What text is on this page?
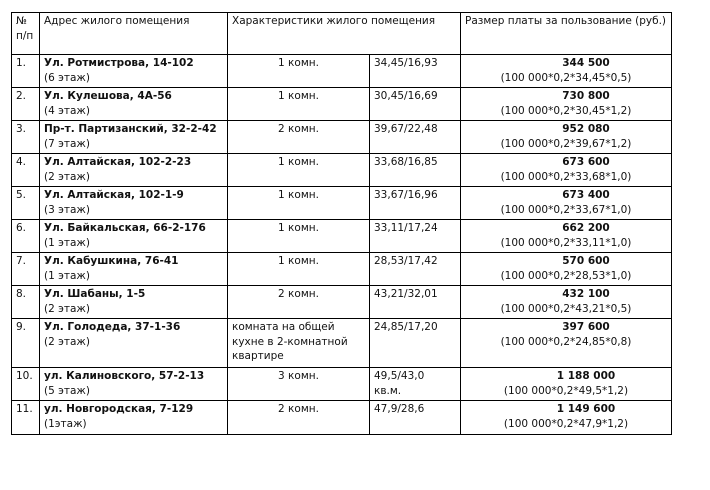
№ п/п	Адрес жилого помещения	Характеристики жилого помещения		Размер платы за пользование (руб.)
1.	Ул. Ротмистрова, 14-102
(6 этаж)	1 комн.	34,45/16,93	344 500
(100 000*0,2*34,45*0,5)

2.	Ул. Кулешова, 4А-56
(4 этаж)	1 комн.	30,45/16,69	730 800
(100 000*0,2*30,45*1,2)

3.	Пр-т. Партизанский, 32-2-42
(7 этаж)	2 комн.	39,67/22,48	952 080
(100 000*0,2*39,67*1,2)

4.	Ул. Алтайская, 102-2-23
(2 этаж)	1 комн.	33,68/16,85	673 600
(100 000*0,2*33,68*1,0)

5.	Ул. Алтайская, 102-1-9
(3 этаж)	1 комн.	33,67/16,96	673 400
(100 000*0,2*33,67*1,0)

6.	Ул. Байкальская, 66-2-176
(1 этаж)	1 комн.	33,11/17,24	662 200
(100 000*0,2*33,11*1,0)

7.	Ул. Кабушкина, 76-41
(1 этаж)	1 комн.	28,53/17,42	570 600
(100 000*0,2*28,53*1,0)

8.	Ул. Шабаны, 1-5
(2 этаж)	2 комн.	43,21/32,01	432 100
(100 000*0,2*43,21*0,5)

9.	Ул. Голодеда, 37-1-36
(2 этаж)	комната на общей кухне в 2-комнатной квартире	24,85/17,20	397 600
(100 000*0,2*24,85*0,8)

10.	ул. Калиновского, 57-2-13
(5 этаж)	3 комн.	49,5/43,0
кв.м.	1 188 000
(100 000*0,2*49,5*1,2)

11.	ул. Новгородская, 7-129
(1этаж)	2 комн.	47,9/28,6	1 149 600
(100 000*0,2*47,9*1,2)
